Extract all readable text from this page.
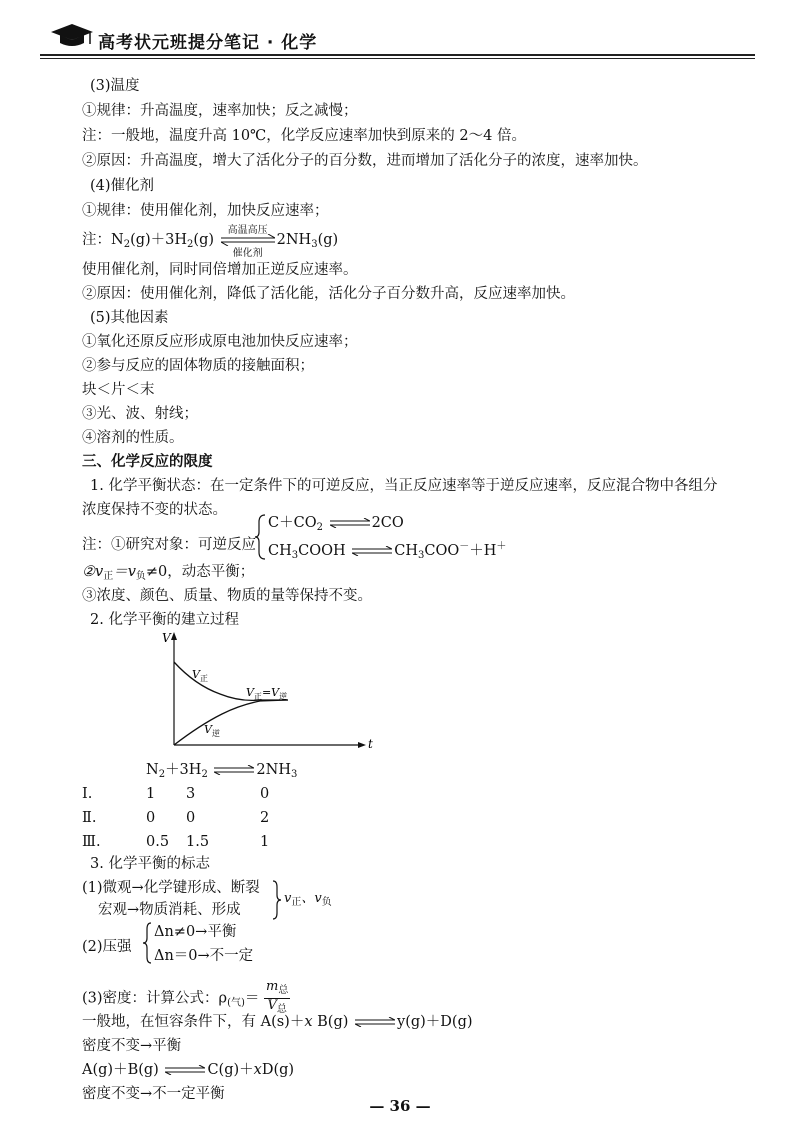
高考状元班提分笔记 · 化学
(3)温度
①规律：升高温度，速率加快；反之减慢；
注：一般地，温度升高 10℃，化学反应速率加快到原来的 2～4 倍。
②原因：升高温度，增大了活化分子的百分数，进而增加了活化分子的浓度，速率加快。
(4)催化剂
①规律：使用催化剂，加快反应速率；
注：$N_2(g)+3H_2(g)$
高温高压
催化剂
$2NH_3(g)$
使用催化剂，同时同倍增加正逆反应速率。
②原因：使用催化剂，降低了活化能，活化分子百分数升高，反应速率加快。
(5)其他因素
①氧化还原反应形成原电池加快反应速率；
②参与反应的固体物质的接触面积；
块＜片＜末
③光、波、射线；
④溶剂的性质。
三、化学反应的限度
1. 化学平衡状态：在一定条件下的可逆反应，当正反应速率等于逆反应速率，反应混合物中各组分
浓度保持不变的状态。
注：①研究对象：可逆反应
$C+CO_2$ ⇌ 2CO
$CH_3COOH$ ⇌ $CH_3COO^-+H^+$
$②v_正=v_负\ne 0$，动态平衡；
③浓度、颜色、质量、物质的量等保持不变。
2. 化学平衡的建立过程
V
t
$V_正$
$V_逆$
$V_正=V_逆$
$N_2+3H_2$ ⇌ $2NH_3$
Ⅰ.	1 3	0
Ⅱ.	0 0	2
Ⅲ.	0.5 1.5	1
3. 化学平衡的标志
(1)微观→化学键形成、断裂
宏观→物质消耗、形成
$v_正$、$v_负$
(2)压强
Δn≠0→平衡
Δn＝0→不一定
(3)密度：计算公式：$\rho_{(气)}= \frac{m_总}{V_总}$
一般地，在恒容条件下，有 A(s)＋x B(g) ⇌ y(g)＋D(g)
密度不变→平衡
A(g)＋B(g) ⇌ C(g)＋xD(g)
密度不变→不一定平衡
— 36 —
